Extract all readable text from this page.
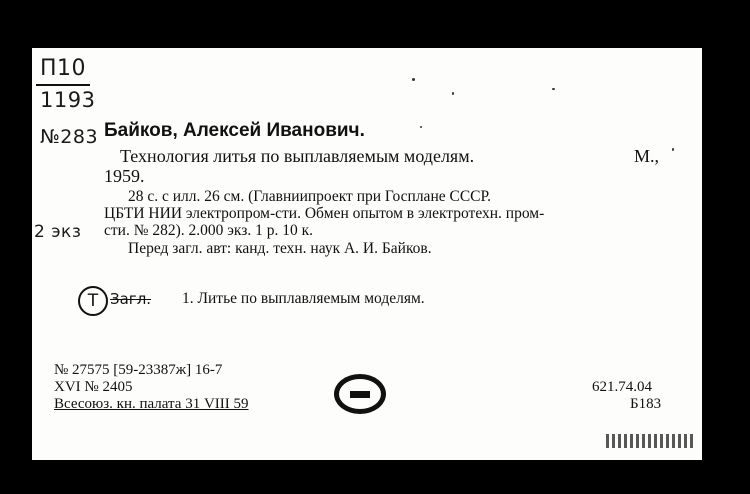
П10
1193
№283
2 экз
Байков, Алексей Иванович.
Технология литья по выплавляемым моделям.	М.,
1959.
28 с. с илл. 26 см. (Главниипроект при Госплане СССР.
ЦБТИ НИИ электропром-сти. Обмен опытом в электротехн. пром-
сти. № 282). 2.000 экз. 1 р. 10 к.
Перед загл. авт: канд. техн. наук А. И. Байков.
Т Загл. 1. Литье по выплавляемым моделям.
№ 27575 [59-23387ж] 16-7
XVI № 2405
Всесоюз. кн. палата 31 VIII 59
621.74.04
Б183
